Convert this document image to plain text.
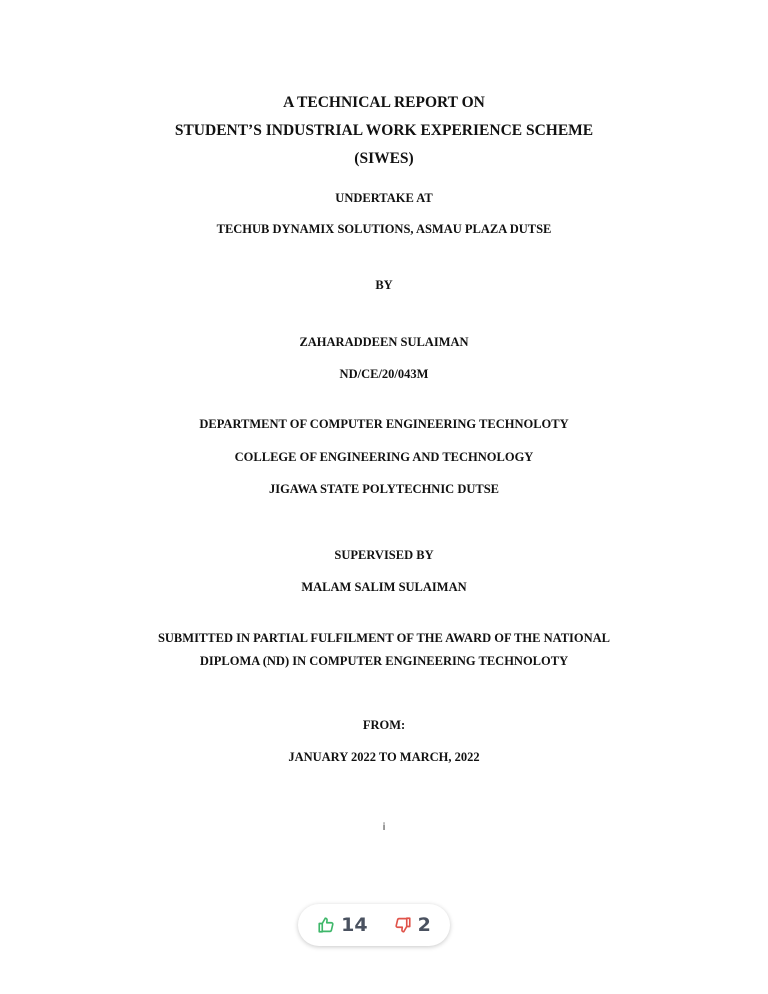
A TECHNICAL REPORT ON
STUDENT’S INDUSTRIAL WORK EXPERIENCE SCHEME
(SIWES)
UNDERTAKE AT
TECHUB DYNAMIX SOLUTIONS, ASMAU PLAZA DUTSE
BY
ZAHARADDEEN SULAIMAN
ND/CE/20/043M
DEPARTMENT OF COMPUTER ENGINEERING TECHNOLOTY
COLLEGE OF ENGINEERING AND TECHNOLOGY
JIGAWA STATE POLYTECHNIC DUTSE
SUPERVISED BY
MALAM SALIM SULAIMAN
SUBMITTED IN PARTIAL FULFILMENT OF THE AWARD OF THE NATIONAL
DIPLOMA (ND) IN COMPUTER ENGINEERING TECHNOLOTY
FROM:
JANUARY 2022 TO MARCH, 2022
i
14	2
